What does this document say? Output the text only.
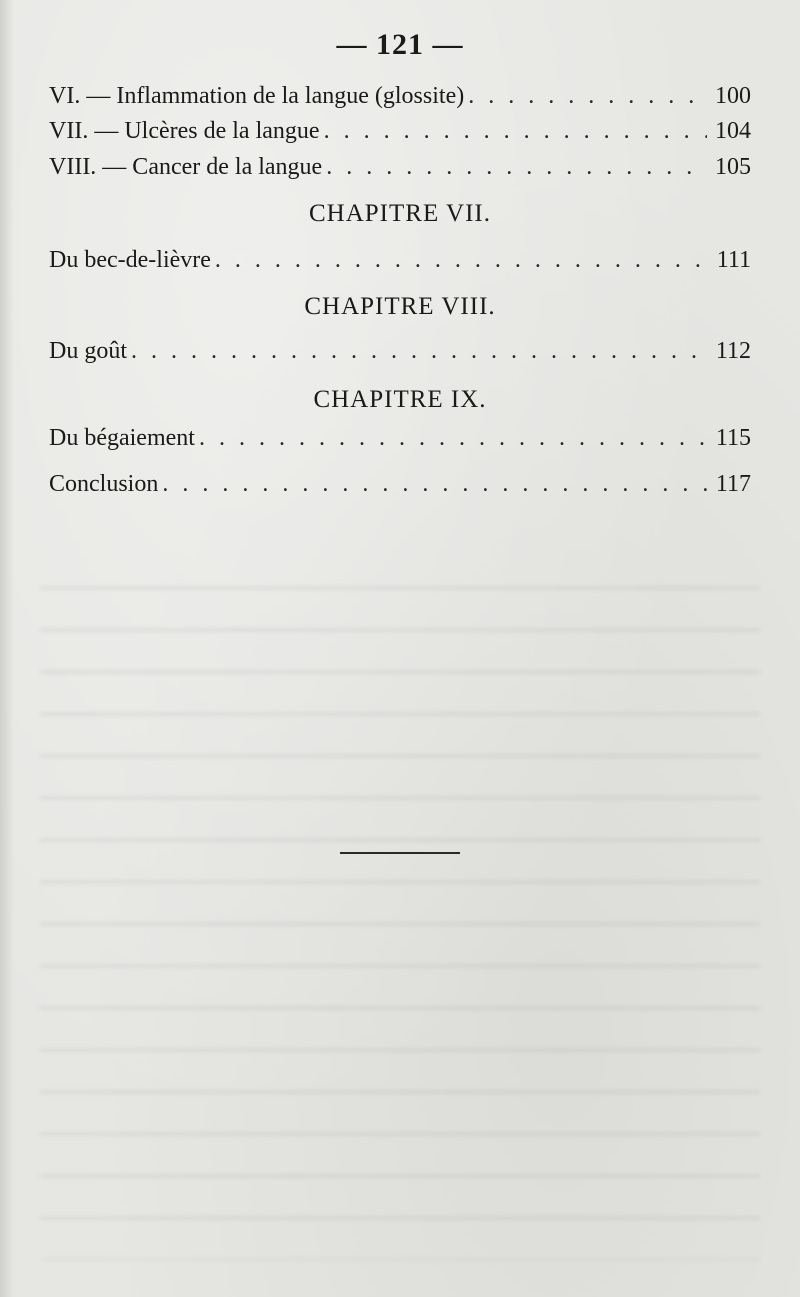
— 121 —
VI. — Inflammation de la langue (glossite) . . .	100
VII. — Ulcères de la langue . . .	104
VIII. — Cancer de la langue . . .	105
CHAPITRE VII.
Du bec-de-lièvre . . .	111
CHAPITRE VIII.
Du goût . . .	112
CHAPITRE IX.
Du bégaiement . . .	115
Conclusion . . .	117
